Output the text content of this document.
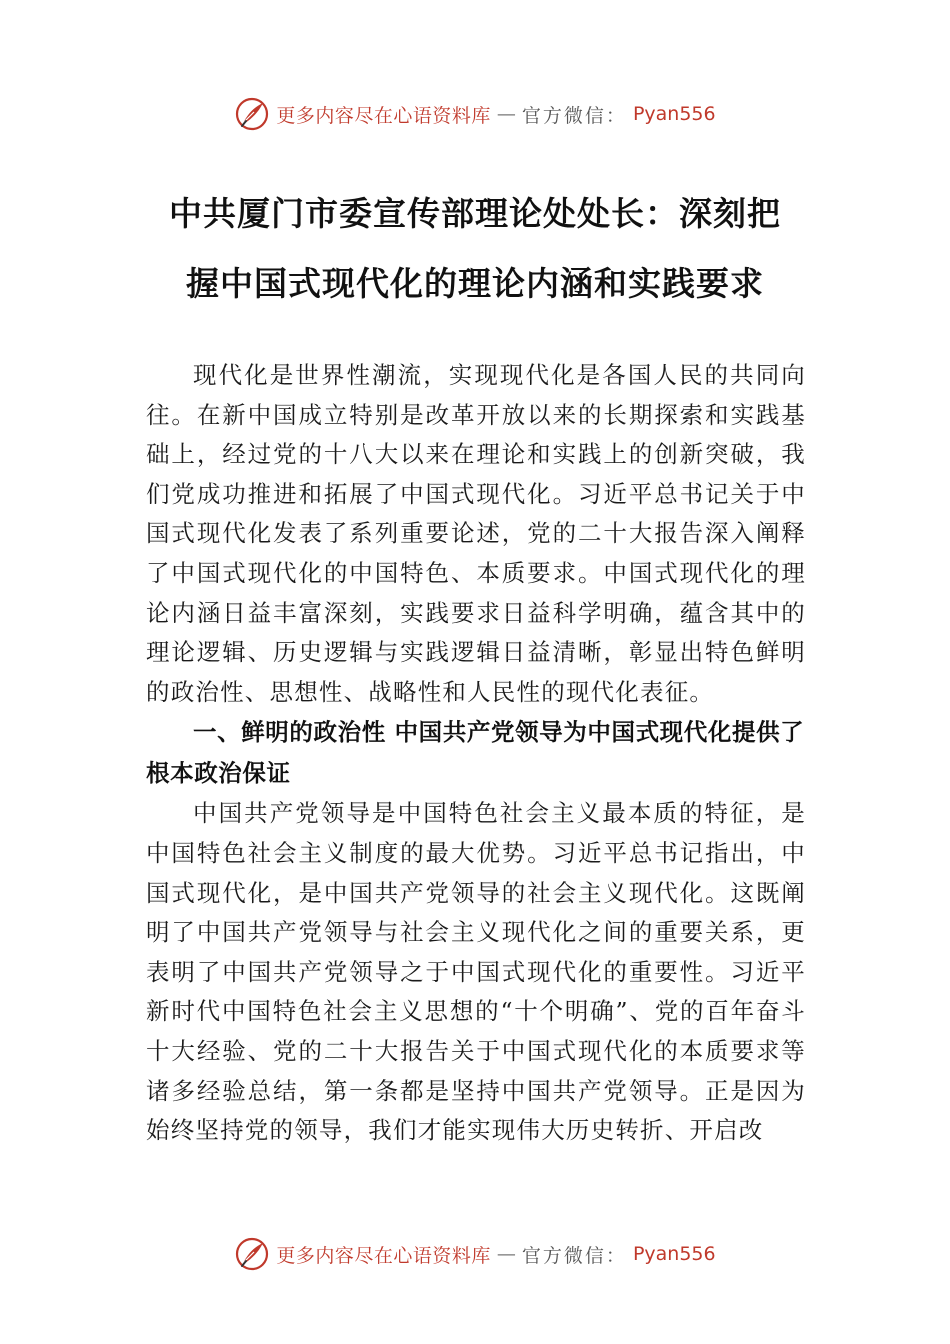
更多内容尽在心语资料库 — 官方微信： Pyan556
中共厦门市委宣传部理论处处长：深刻把
握中国式现代化的理论内涵和实践要求

现代化是世界性潮流，实现现代化是各国人民的共同向往。在新中国成立特别是改革开放以来的长期探索和实践基础上，经过党的十八大以来在理论和实践上的创新突破，我们党成功推进和拓展了中国式现代化。习近平总书记关于中国式现代化发表了系列重要论述，党的二十大报告深入阐释了中国式现代化的中国特色、本质要求。中国式现代化的理论内涵日益丰富深刻，实践要求日益科学明确，蕴含其中的理论逻辑、历史逻辑与实践逻辑日益清晰，彰显出特色鲜明的政治性、思想性、战略性和人民性的现代化表征。

一、鲜明的政治性 中国共产党领导为中国式现代化提供了根本政治保证

中国共产党领导是中国特色社会主义最本质的特征，是中国特色社会主义制度的最大优势。习近平总书记指出，中国式现代化，是中国共产党领导的社会主义现代化。这既阐明了中国共产党领导与社会主义现代化之间的重要关系，更表明了中国共产党领导之于中国式现代化的重要性。习近平新时代中国特色社会主义思想的“十个明确”、党的百年奋斗十大经验、党的二十大报告关于中国式现代化的本质要求等诸多经验总结，第一条都是坚持中国共产党领导。正是因为始终坚持党的领导，我们才能实现伟大历史转折、开启改

更多内容尽在心语资料库 — 官方微信： Pyan556
